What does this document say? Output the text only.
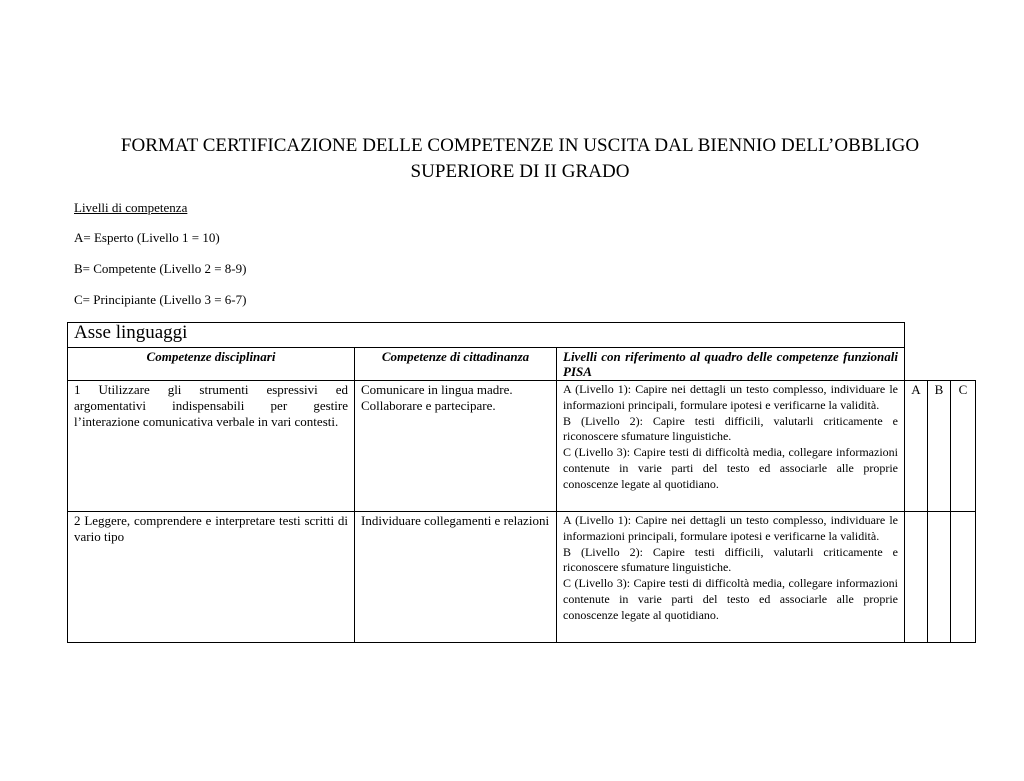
FORMAT CERTIFICAZIONE DELLE COMPETENZE IN USCITA DAL BIENNIO DELL’OBBLIGO
SUPERIORE DI II GRADO
Livelli di competenza
A= Esperto (Livello 1 = 10)
B= Competente (Livello 2 = 8-9)
C= Principiante (Livello 3 = 6-7)
Asse linguaggi					
Competenze disciplinari	Competenze di cittadinanza	Livelli con riferimento al quadro delle competenze funzionali PISA			
1 Utilizzare gli strumenti espressivi ed argomentativi indispensabili per gestire l’interazione comunicativa verbale in vari contesti.	Comunicare in lingua madre.
Collaborare e partecipare.	A (Livello 1): Capire nei dettagli un testo complesso, individuare le informazioni principali, formulare ipotesi e verificarne la validità.
B (Livello 2): Capire testi difficili, valutarli criticamente e riconoscere sfumature linguistiche.
C (Livello 3): Capire testi di difficoltà media, collegare informazioni contenute in varie parti del testo ed associarle alle proprie conoscenze legate al quotidiano.	A	B	C
2 Leggere, comprendere e interpretare testi scritti di vario tipo	Individuare collegamenti e relazioni	A (Livello 1): Capire nei dettagli un testo complesso, individuare le informazioni principali, formulare ipotesi e verificarne la validità.
B (Livello 2): Capire testi difficili, valutarli criticamente e riconoscere sfumature linguistiche.
C (Livello 3): Capire testi di difficoltà media, collegare informazioni contenute in varie parti del testo ed associarle alle proprie conoscenze legate al quotidiano.			
